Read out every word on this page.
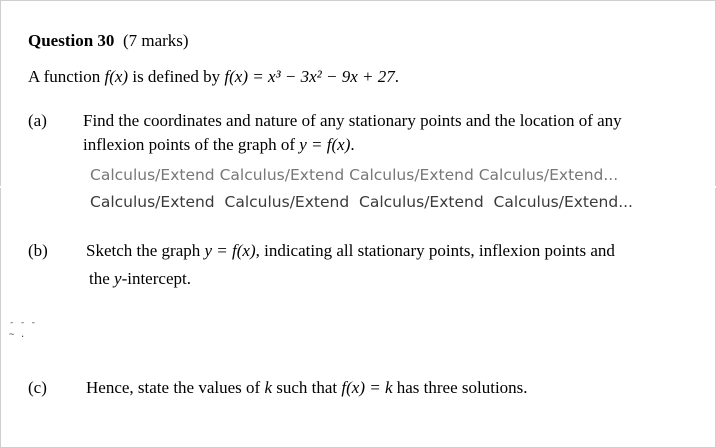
Question 30 (7 marks)
A function f(x) is defined by f(x) = x³ − 3x² − 9x + 27.
(a) Find the coordinates and nature of any stationary points and the location of any
inflexion points of the graph of y = f(x).
Calculus/Extend Calculus/Extend Calculus/Extend Calculus/Extend...
Calculus/Extend Calculus/Extend Calculus/Extend Calculus/Extend...
(b) Sketch the graph y = f(x), indicating all stationary points, inflexion points and
the y-intercept.
- - -
~ .
(c) Hence, state the values of k such that f(x) = k has three solutions.
